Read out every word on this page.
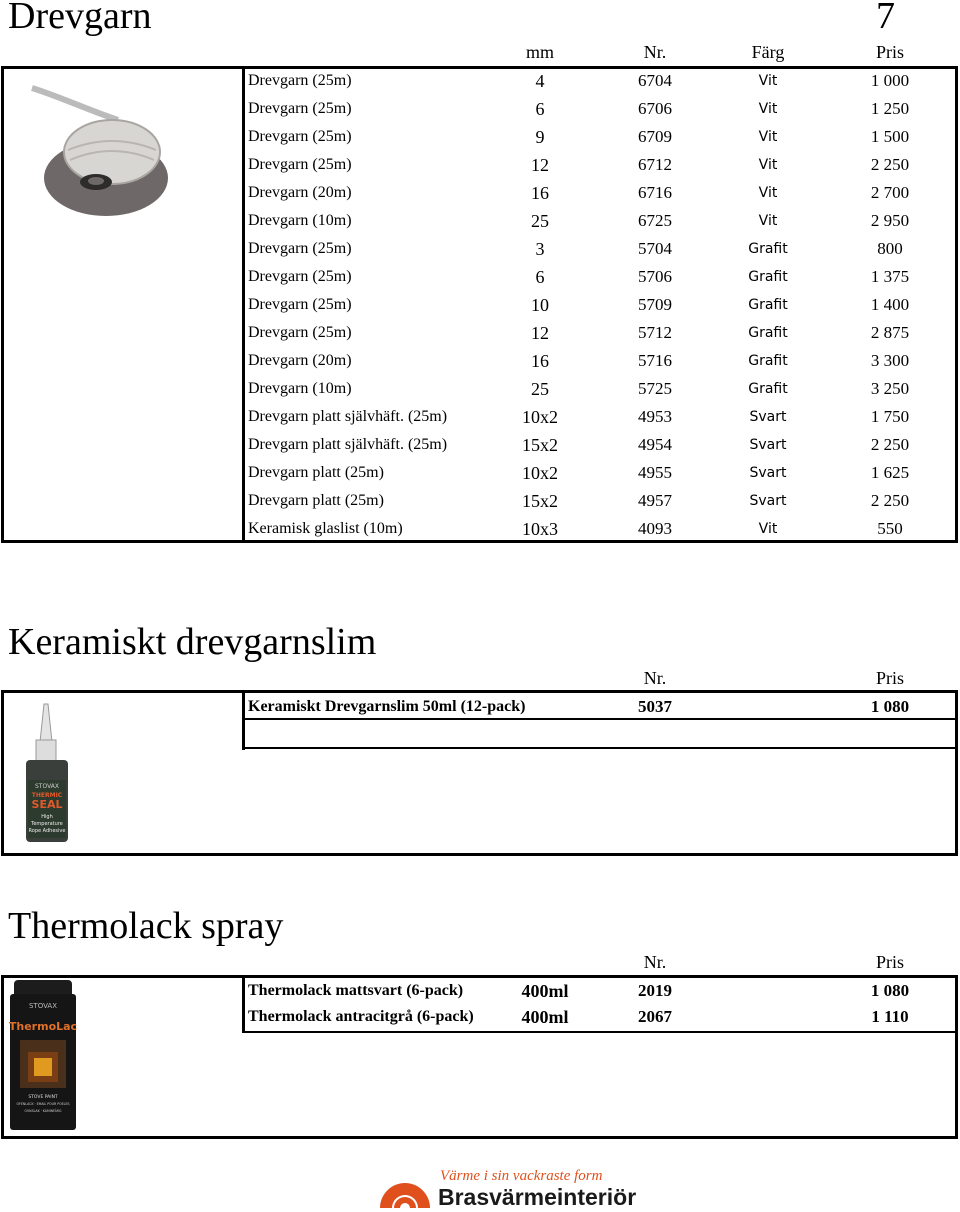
Drevgarn	7
mm	Nr.	Färg	Pris
Drevgarn (25m)	4	6704	Vit	1 000
Drevgarn (25m)	6	6706	Vit	1 250
Drevgarn (25m)	9	6709	Vit	1 500
Drevgarn (25m)	12	6712	Vit	2 250
Drevgarn (20m)	16	6716	Vit	2 700
Drevgarn (10m)	25	6725	Vit	2 950
Drevgarn (25m)	3	5704	Grafit	800
Drevgarn (25m)	6	5706	Grafit	1 375
Drevgarn (25m)	10	5709	Grafit	1 400
Drevgarn (25m)	12	5712	Grafit	2 875
Drevgarn (20m)	16	5716	Grafit	3 300
Drevgarn (10m)	25	5725	Grafit	3 250
Drevgarn platt självhäft. (25m)	10x2	4953	Svart	1 750
Drevgarn platt självhäft. (25m)	15x2	4954	Svart	2 250
Drevgarn platt (25m)	10x2	4955	Svart	1 625
Drevgarn platt (25m)	15x2	4957	Svart	2 250
Keramisk glaslist (10m)	10x3	4093	Vit	550
Keramiskt drevgarnslim
Nr.	Pris
STOVAX
THERMIC
SEAL
High
Temperature
Rope Adhesive
Keramiskt Drevgarnslim 50ml (12-pack)	5037	1 080
Thermolack spray
Nr.	Pris
STOVAX
ThermoLac
STOVE PAINT
OFENLACK · EMAIL POUR POELES
OVNSLAK · KAMINFÄRG
Thermolack mattsvart (6-pack)	400ml	2019	1 080
Thermolack antracitgrå (6-pack)	400ml	2067	1 110
Värme i sin vackraste form
Brasvärmeinteriör
